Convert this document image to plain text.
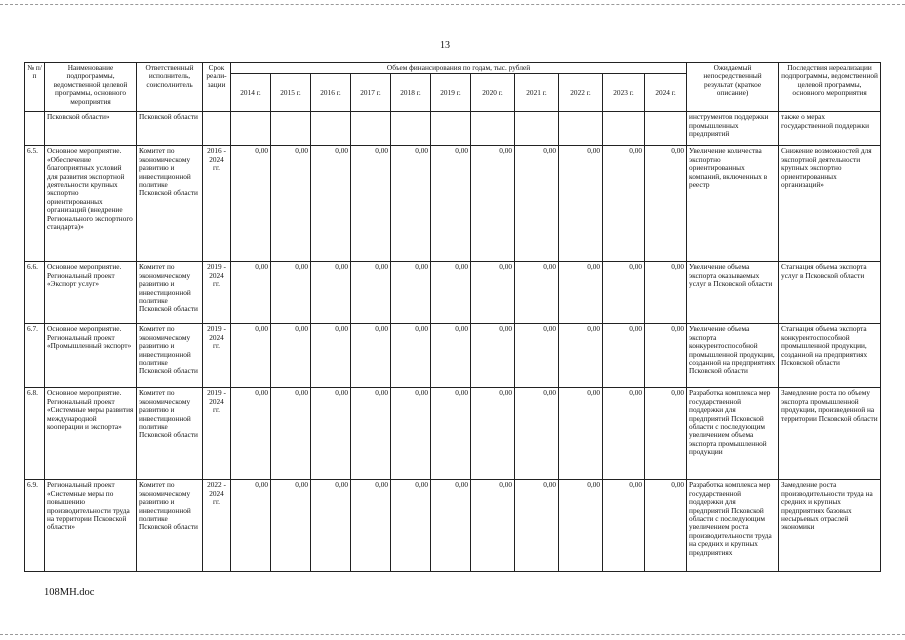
13
№ п/п	Наименование подпрограммы, ведомственной целевой программы, основного мероприятия	Ответственный исполнитель, соисполнитель	Срок реали-зации	Объем финансирования по годам, тыс. рублей											Ожидаемый непосредственный результат (краткое описание)	Последствия нереализации подпрограммы, ведомственной целевой программы, основного мероприятия
				2014 г.	2015 г.	2016 г.	2017 г.	2018 г.	2019 г.	2020 г.	2021 г.	2022 г.	2023 г.	2024 г.		
	Псковской области»	Псковской области													инструментов поддержки промышленных предприятий	также о мерах государственной поддержки
6.5.	Основное мероприятие. «Обеспечение благоприятных условий для развития экспортной деятельности крупных экспортно ориентированных организаций (внедрение Регионального экспортного стандарта)»	Комитет по экономическому развитию и инвестиционной политике Псковской области	2016 - 2024 гг.	0,00	0,00	0,00	0,00	0,00	0,00	0,00	0,00	0,00	0,00	0,00	Увеличение количества экспортно ориентированных компаний, включенных в реестр	Снижение возможностей для экспортной деятельности крупных экспортно ориентированных организаций»
6.6.	Основное мероприятие. Региональный проект «Экспорт услуг»	Комитет по экономическому развитию и инвестиционной политике Псковской области	2019 - 2024 гг.	0,00	0,00	0,00	0,00	0,00	0,00	0,00	0,00	0,00	0,00	0,00	Увеличение объема экспорта оказываемых услуг в Псковской области	Стагнация объема экспорта услуг в Псковской области
6.7.	Основное мероприятие. Региональный проект «Промышленный экспорт»	Комитет по экономическому развитию и инвестиционной политике Псковской области	2019 - 2024 гг.	0,00	0,00	0,00	0,00	0,00	0,00	0,00	0,00	0,00	0,00	0,00	Увеличение объема экспорта конкурентоспособной промышленной продукции, созданной на предприятиях Псковской области	Стагнация объема экспорта конкурентоспособной промышленной продукции, созданной на предприятиях Псковской области
6.8.	Основное мероприятие. Региональный проект «Системные меры развития международной кооперации и экспорта»	Комитет по экономическому развитию и инвестиционной политике Псковской области	2019 - 2024 гг.	0,00	0,00	0,00	0,00	0,00	0,00	0,00	0,00	0,00	0,00	0,00	Разработка комплекса мер государственной поддержки для предприятий Псковской области с последующим увеличением объема экспорта промышленной продукции	Замедление роста по объему экспорта промышленной продукции, произведенной на территории Псковской области
6.9.	Региональный проект «Системные меры по повышению производительности труда на территории Псковской области»	Комитет по экономическому развитию и инвестиционной политике Псковской области	2022 - 2024 гг.	0,00	0,00	0,00	0,00	0,00	0,00	0,00	0,00	0,00	0,00	0,00	Разработка комплекса мер государственной поддержки для предприятий Псковской области с последующим увеличением роста производительности труда на средних и крупных предприятиях	Замедление роста производительности труда на средних и крупных предприятиях базовых несырьевых отраслей экономики
108МН.doc
